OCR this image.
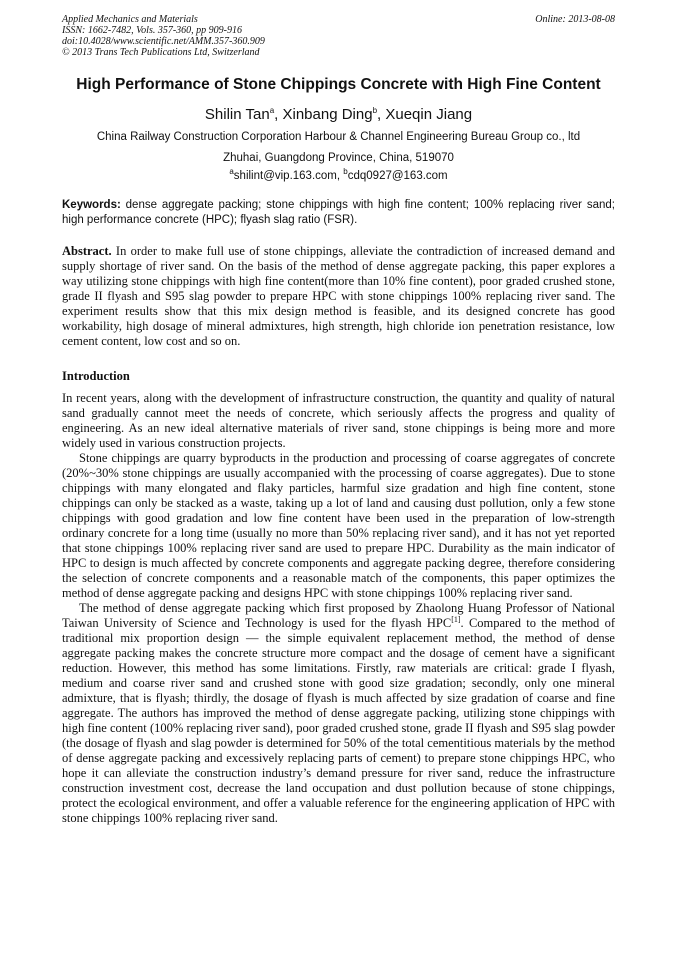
Applied Mechanics and Materials	Online: 2013-08-08
ISSN: 1662-7482, Vols. 357-360, pp 909-916
doi:10.4028/www.scientific.net/AMM.357-360.909
© 2013 Trans Tech Publications Ltd, Switzerland
High Performance of Stone Chippings Concrete with High Fine Content
Shilin Tan$^a$, Xinbang Ding$^b$, Xueqin Jiang
China Railway Construction Corporation Harbour & Channel Engineering Bureau Group co., ltd
Zhuhai, Guangdong Province, China, 519070
$^a$shilint@vip.163.com, $^b$cdq0927@163.com
Keywords: dense aggregate packing; stone chippings with high fine content; 100% replacing river sand; high performance concrete (HPC); flyash slag ratio (FSR).
Abstract. In order to make full use of stone chippings, alleviate the contradiction of increased demand and supply shortage of river sand. On the basis of the method of dense aggregate packing, this paper explores a way utilizing stone chippings with high fine content(more than 10% fine content), poor graded crushed stone, grade II flyash and S95 slag powder to prepare HPC with stone chippings 100% replacing river sand. The experiment results show that this mix design method is feasible, and its designed concrete has good workability, high dosage of mineral admixtures, high strength, high chloride ion penetration resistance, low cement content, low cost and so on.
Introduction
In recent years, along with the development of infrastructure construction, the quantity and quality of natural sand gradually cannot meet the needs of concrete, which seriously affects the progress and quality of engineering. As an new ideal alternative materials of river sand, stone chippings is being more and more widely used in various construction projects.
Stone chippings are quarry byproducts in the production and processing of coarse aggregates of concrete (20%~30% stone chippings are usually accompanied with the processing of coarse aggregates). Due to stone chippings with many elongated and flaky particles, harmful size gradation and high fine content, stone chippings can only be stacked as a waste, taking up a lot of land and causing dust pollution, only a few stone chippings with good gradation and low fine content have been used in the preparation of low-strength ordinary concrete for a long time (usually no more than 50% replacing river sand), and it has not yet reported that stone chippings 100% replacing river sand are used to prepare HPC. Durability as the main indicator of HPC to design is much affected by concrete components and aggregate packing degree, therefore considering the selection of concrete components and a reasonable match of the components, this paper optimizes the method of dense aggregate packing and designs HPC with stone chippings 100% replacing river sand.
The method of dense aggregate packing which first proposed by Zhaolong Huang Professor of National Taiwan University of Science and Technology is used for the flyash HPC[1]. Compared to the method of traditional mix proportion design — the simple equivalent replacement method, the method of dense aggregate packing makes the concrete structure more compact and the dosage of cement have a significant reduction. However, this method has some limitations. Firstly, raw materials are critical: grade I flyash, medium and coarse river sand and crushed stone with good size gradation; secondly, only one mineral admixture, that is flyash; thirdly, the dosage of flyash is much affected by size gradation of coarse and fine aggregate. The authors has improved the method of dense aggregate packing, utilizing stone chippings with high fine content (100% replacing river sand), poor graded crushed stone, grade II flyash and S95 slag powder (the dosage of flyash and slag powder is determined for 50% of the total cementitious materials by the method of dense aggregate packing and excessively replacing parts of cement) to prepare stone chippings HPC, who hope it can alleviate the construction industry’s demand pressure for river sand, reduce the infrastructure construction investment cost, decrease the land occupation and dust pollution because of stone chippings, protect the ecological environment, and offer a valuable reference for the engineering application of HPC with stone chippings 100% replacing river sand.
